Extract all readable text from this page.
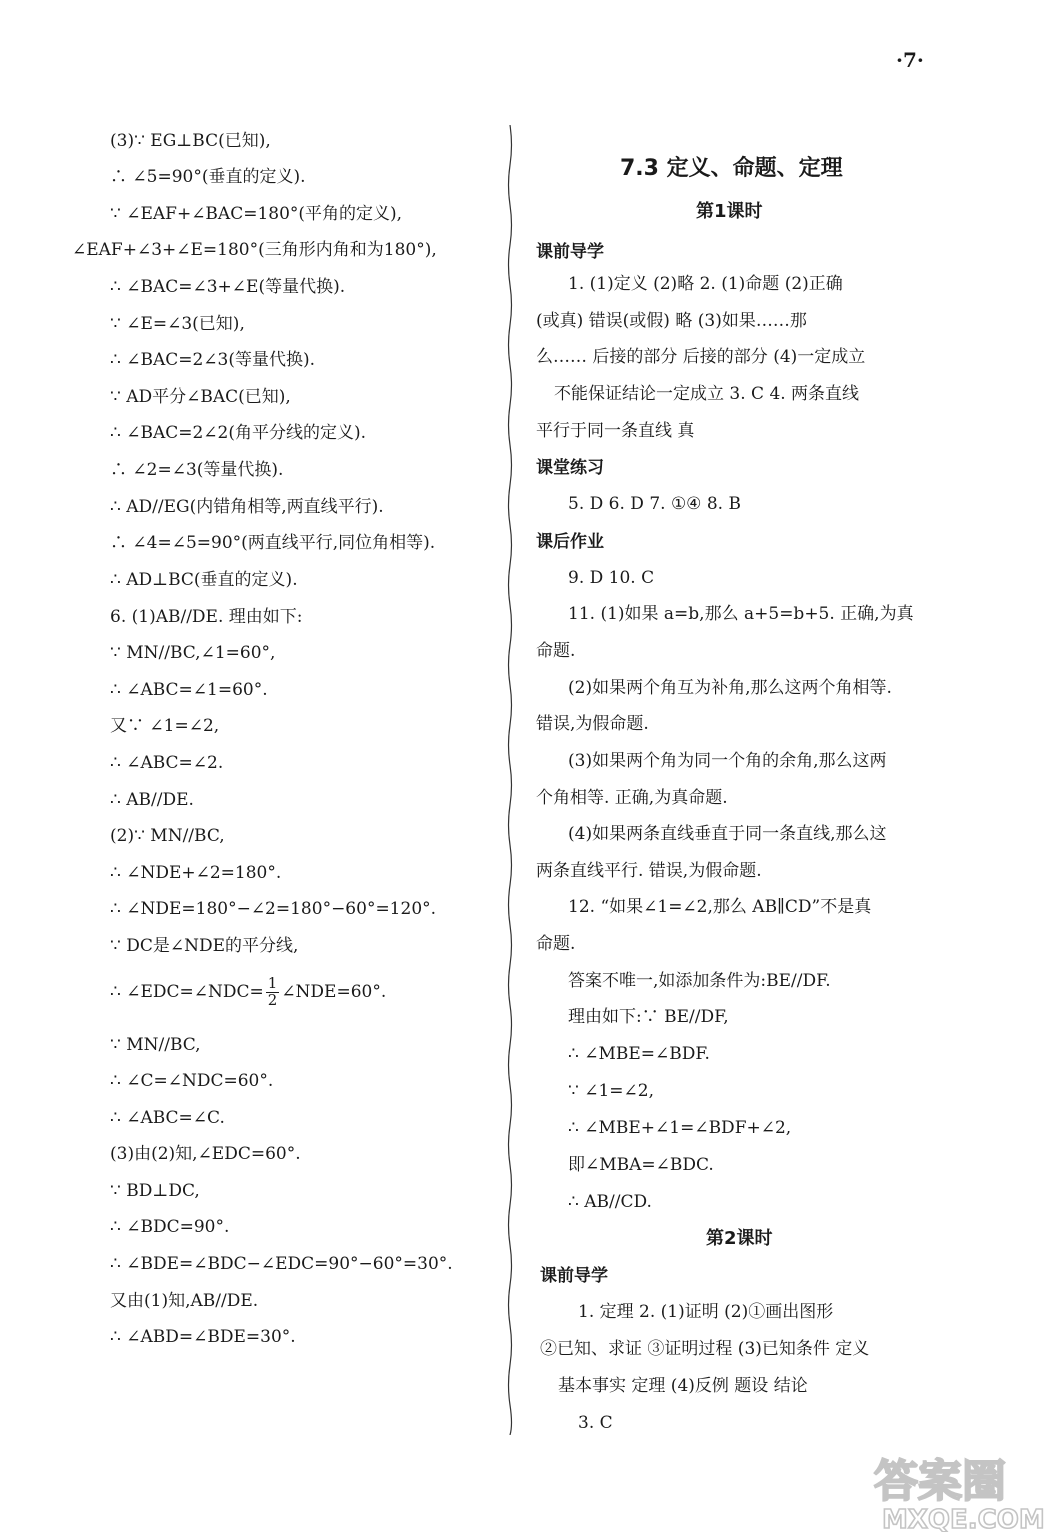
·7·
(3)∵ EG⊥BC(已知),
∴ ∠5=90°(垂直的定义).
∵ ∠EAF+∠BAC=180°(平角的定义),
∠EAF+∠3+∠E=180°(三角形内角和为180°),
∴ ∠BAC=∠3+∠E(等量代换).
∵ ∠E=∠3(已知),
∴ ∠BAC=2∠3(等量代换).
∵ AD平分∠BAC(已知),
∴ ∠BAC=2∠2(角平分线的定义).
∴ ∠2=∠3(等量代换).
∴ AD//EG(内错角相等,两直线平行).
∴ ∠4=∠5=90°(两直线平行,同位角相等).
∴ AD⊥BC(垂直的定义).
6. (1)AB//DE. 理由如下:
∵ MN//BC,∠1=60°,
∴ ∠ABC=∠1=60°.
又∵ ∠1=∠2,
∴ ∠ABC=∠2.
∴ AB//DE.
(2)∵ MN//BC,
∴ ∠NDE+∠2=180°.
∴ ∠NDE=180°−∠2=180°−60°=120°.
∵ DC是∠NDE的平分线,
∵ MN//BC,
∴ ∠C=∠NDC=60°.
∴ ∠ABC=∠C.
(3)由(2)知,∠EDC=60°.
∵ BD⊥DC,
∴ ∠BDC=90°.
∴ ∠BDE=∠BDC−∠EDC=90°−60°=30°.
又由(1)知,AB//DE.
∴ ∠ABD=∠BDE=30°.
∴ ∠EDC=∠NDC= $\frac{1}{2}$ ∠NDE=60°.
7.3 定义、命题、定理
第1课时
第2课时
课前导学
1. (1)定义 (2)略 2. (1)命题 (2)正确
(或真) 错误(或假) 略 (3)如果……那
么…… 后接的部分 后接的部分 (4)一定成立
不能保证结论一定成立 3. C 4. 两条直线
平行于同一条直线 真
课堂练习
5. D 6. D 7. ①④ 8. B
课后作业
9. D 10. C
11. (1)如果 a=b,那么 a+5=b+5. 正确,为真
命题.
(2)如果两个角互为补角,那么这两个角相等.
错误,为假命题.
(3)如果两个角为同一个角的余角,那么这两
个角相等. 正确,为真命题.
(4)如果两条直线垂直于同一条直线,那么这
两条直线平行. 错误,为假命题.
12. “如果∠1=∠2,那么 AB∥CD”不是真
命题.
答案不唯一,如添加条件为:BE//DF.
理由如下:∵ BE//DF,
∴ ∠MBE=∠BDF.
∵ ∠1=∠2,
∴ ∠MBE+∠1=∠BDF+∠2,
即∠MBA=∠BDC.
∴ AB//CD.
课前导学
1. 定理 2. (1)证明 (2)①画出图形
②已知、求证 ③证明过程 (3)已知条件 定义
基本事实 定理 (4)反例 题设 结论
3. C
答案圈
MXQE.COM
